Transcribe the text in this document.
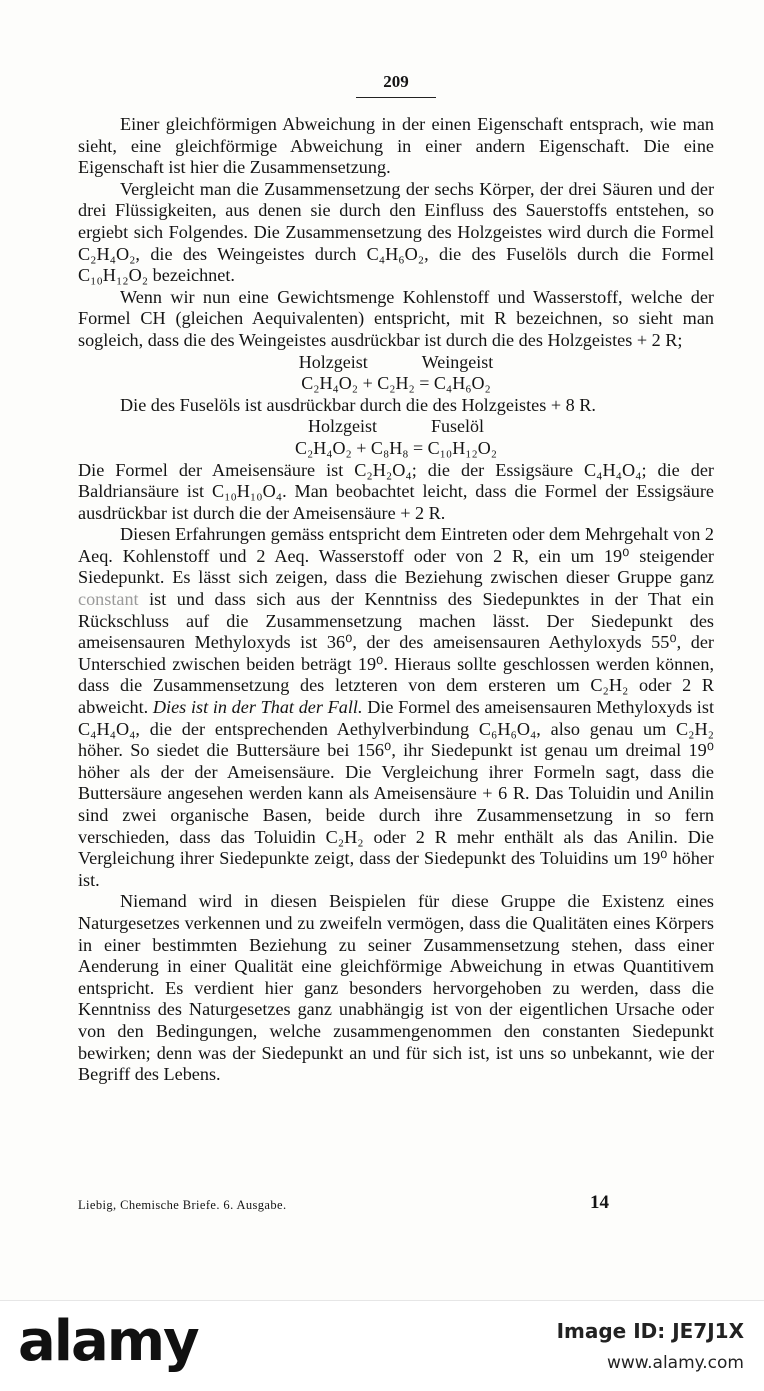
209

Einer gleichförmigen Abweichung in der einen Eigenschaft entsprach, wie man sieht, eine gleichförmige Abweichung in einer andern Eigenschaft. Die eine Eigenschaft ist hier die Zusammensetzung.

Vergleicht man die Zusammensetzung der sechs Körper, der drei Säuren und der drei Flüssigkeiten, aus denen sie durch den Einfluss des Sauerstoffs entstehen, so ergiebt sich Folgendes. Die Zusammensetzung des Holzgeistes wird durch die Formel C₂H₄O₂, die des Weingeistes durch C₄H₆O₂, die des Fuselöls durch die Formel C₁₀H₁₂O₂ bezeichnet.

Wenn wir nun eine Gewichtsmenge Kohlenstoff und Wasserstoff, welche der Formel CH (gleichen Aequivalenten) entspricht, mit R bezeichnen, so sieht man sogleich, dass die des Weingeistes ausdrückbar ist durch die des Holzgeistes + 2 R;

Holzgeist	Weingeist
C₂H₄O₂ + C₂H₂ = C₄H₆O₂

Die des Fuselöls ist ausdrückbar durch die des Holzgeistes + 8 R.

Holzgeist	Fuselöl
C₂H₄O₂ + C₈H₈ = C₁₀H₁₂O₂

Die Formel der Ameisensäure ist C₂H₂O₄; die der Essigsäure C₄H₄O₄; die der Baldriansäure ist C₁₀H₁₀O₄. Man beobachtet leicht, dass die Formel der Essigsäure ausdrückbar ist durch die der Ameisensäure + 2 R.

Diesen Erfahrungen gemäss entspricht dem Eintreten oder dem Mehrgehalt von 2 Aeq. Kohlenstoff und 2 Aeq. Wasserstoff oder von 2 R, ein um 19⁰ steigender Siedepunkt. Es lässt sich zeigen, dass die Beziehung zwischen dieser Gruppe ganz constant ist und dass sich aus der Kenntniss des Siedepunktes in der That ein Rückschluss auf die Zusammensetzung machen lässt. Der Siedepunkt des ameisensauren Methyloxyds ist 36⁰, der des ameisensauren Aethyloxyds 55⁰, der Unterschied zwischen beiden beträgt 19⁰. Hieraus sollte geschlossen werden können, dass die Zusammensetzung des letzteren von dem ersteren um C₂H₂ oder 2 R abweicht. Dies ist in der That der Fall. Die Formel des ameisensauren Methyloxyds ist C₄H₄O₄, die der entsprechenden Aethylverbindung C₆H₆O₄, also genau um C₂H₂ höher. So siedet die Buttersäure bei 156⁰, ihr Siedepunkt ist genau um dreimal 19⁰ höher als der der Ameisensäure. Die Vergleichung ihrer Formeln sagt, dass die Buttersäure angesehen werden kann als Ameisensäure + 6 R. Das Toluidin und Anilin sind zwei organische Basen, beide durch ihre Zusammensetzung in so fern verschieden, dass das Toluidin C₂H₂ oder 2 R mehr enthält als das Anilin. Die Vergleichung ihrer Siedepunkte zeigt, dass der Siedepunkt des Toluidins um 19⁰ höher ist.

Niemand wird in diesen Beispielen für diese Gruppe die Existenz eines Naturgesetzes verkennen und zu zweifeln vermögen, dass die Qualitäten eines Körpers in einer bestimmten Beziehung zu seiner Zusammensetzung stehen, dass einer Aenderung in einer Qualität eine gleichförmige Abweichung in etwas Quantitivem entspricht. Es verdient hier ganz besonders hervorgehoben zu werden, dass die Kenntniss des Naturgesetzes ganz unabhängig ist von der eigentlichen Ursache oder von den Bedingungen, welche zusammengenommen den constanten Siedepunkt bewirken; denn was der Siedepunkt an und für sich ist, ist uns so unbekannt, wie der Begriff des Lebens.

Liebig, Chemische Briefe. 6. Ausgabe.	14
alamy	Image ID: JE7J1X
www.alamy.com
